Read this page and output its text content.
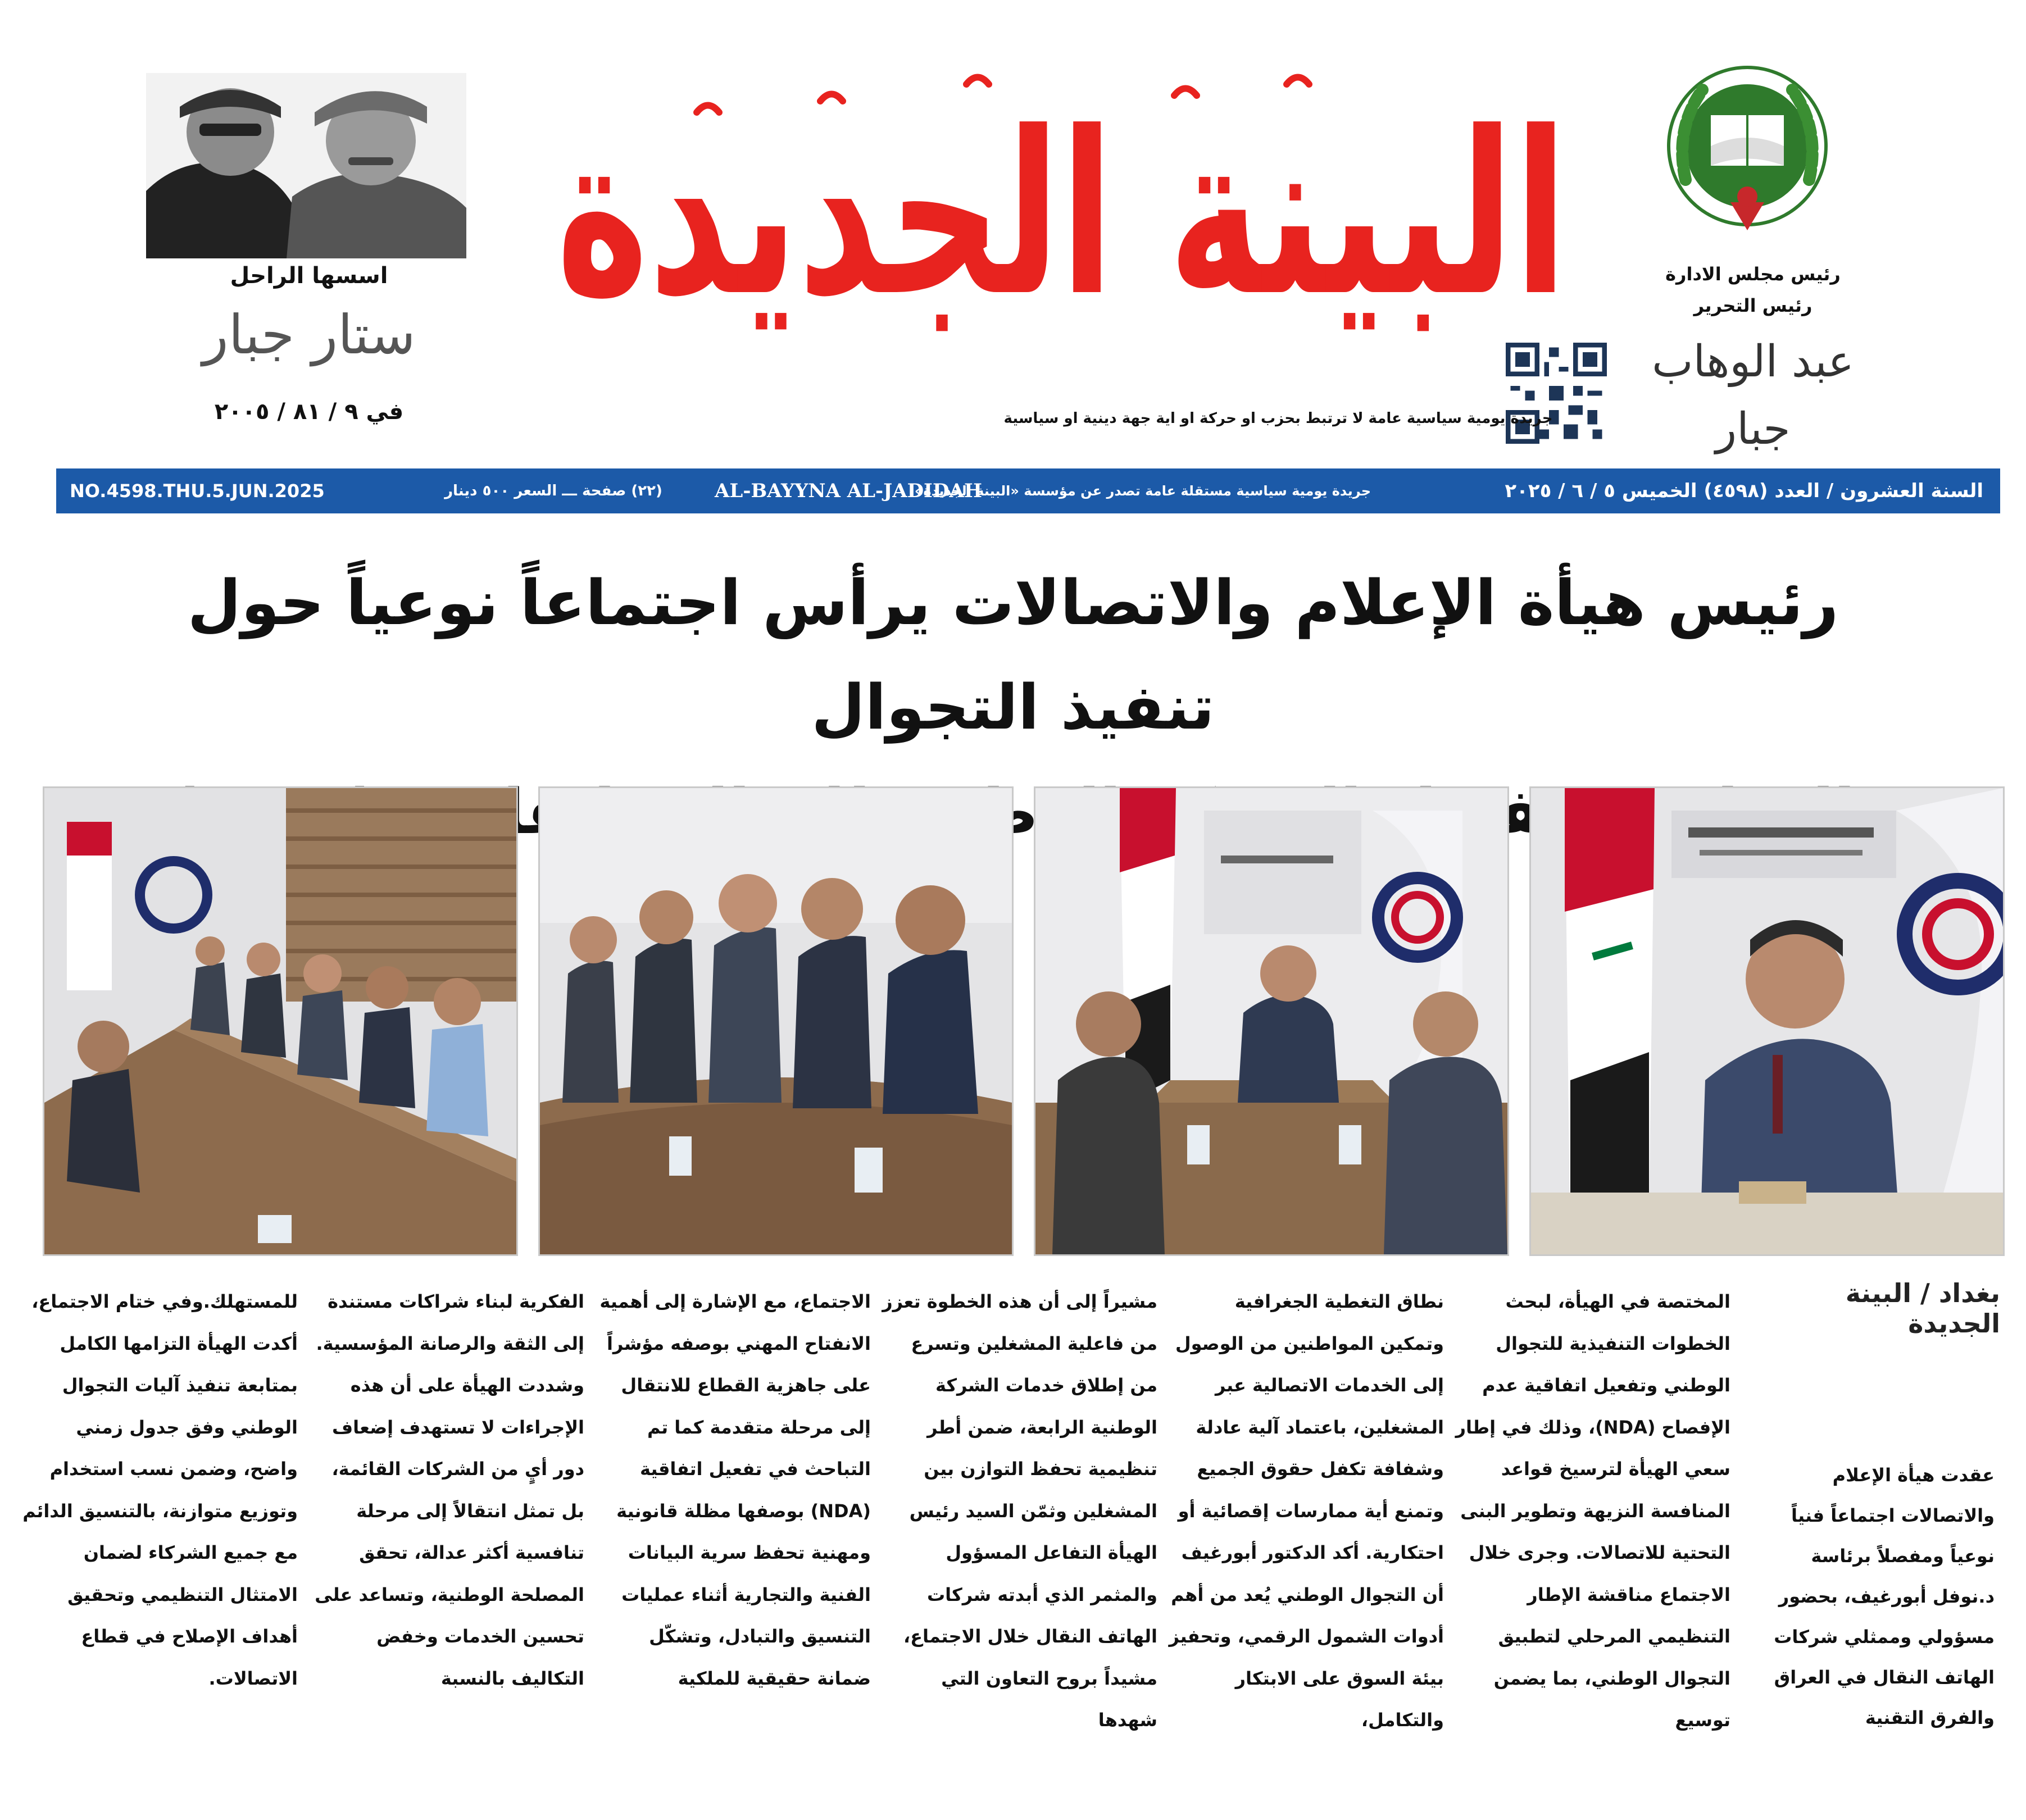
رئيس مجلس الادارة
رئيس التحرير
عبد الوهاب جبار
البينة الجديدة
جريدة يومية سياسية عامة لا ترتبط بحزب او حركة او اية جهة دينية او سياسية
اسسها الراحل
ستار جبار
في ٩ / ٨١ / ٢٠٠٥
السنة العشرون / العدد (٤٥٩٨) الخميس ٥ / ٦ / ٢٠٢٥
جريدة يومية سياسية مستقلة عامة تصدر عن مؤسسة «البينة الجديدة»
AL-BAYYNA AL-JADIDAH
(٢٢) صفحة ـــ السعر ٥٠٠ دينار
NO.4598.THU.5.JUN.2025
رئيس هيأة الإعلام والاتصالات يرأس اجتماعاً نوعياً حول تنفيذ التجوال
واتفاقية
بغداد / البينة الجديدة
عقدت هيأة الإعلام والاتصالات اجتماعاً فنياً نوعياً ومفصلاً برئاسة د.نوفل أبورغيف، بحضور مسؤولي وممثلي شركات الهاتف النقال في العراق والفرق التقنية
المختصة في الهيأة، لبحث الخطوات التنفيذية للتجوال الوطني وتفعيل اتفاقية عدم الإفصاح (NDA)، وذلك في إطار سعي الهيأة لترسيخ قواعد المنافسة النزيهة وتطوير البنى التحتية للاتصالات. وجرى خلال الاجتماع مناقشة الإطار التنظيمي المرحلي لتطبيق التجوال الوطني، بما يضمن توسيع
نطاق التغطية الجغرافية وتمكين المواطنين من الوصول إلى الخدمات الاتصالية عبر المشغلين، باعتماد آلية عادلة وشفافة تكفل حقوق الجميع وتمنع أية ممارسات إقصائية أو احتكارية. أكد الدكتور أبورغيف أن التجوال الوطني يُعد من أهم أدوات الشمول الرقمي، وتحفيز بيئة السوق على الابتكار والتكامل،
مشيراً إلى أن هذه الخطوة تعزز من فاعلية المشغلين وتسرع من إطلاق خدمات الشركة الوطنية الرابعة، ضمن أطر تنظيمية تحفظ التوازن بين المشغلين وثمّن السيد رئيس الهيأة التفاعل المسؤول والمثمر الذي أبدته شركات الهاتف النقال خلال الاجتماع، مشيداً بروح التعاون التي شهدها
الاجتماع، مع الإشارة إلى أهمية الانفتاح المهني بوصفه مؤشراً على جاهزية القطاع للانتقال إلى مرحلة متقدمة كما تم التباحث في تفعيل اتفاقية (NDA) بوصفها مظلة قانونية ومهنية تحفظ سرية البيانات الفنية والتجارية أثناء عمليات التنسيق والتبادل، وتشكّل ضمانة حقيقية للملكية
الفكرية لبناء شراكات مستندة إلى الثقة والرصانة المؤسسية. وشددت الهيأة على أن هذه الإجراءات لا تستهدف إضعاف دور أيٍ من الشركات القائمة، بل تمثل انتقالاً إلى مرحلة تنافسية أكثر عدالة، تحقق المصلحة الوطنية، وتساعد على تحسين الخدمات وخفض التكاليف بالنسبة
للمستهلك.وفي ختام الاجتماع، أكدت الهيأة التزامها الكامل بمتابعة تنفيذ آليات التجوال الوطني وفق جدول زمني واضح، وضمن نسب استخدام وتوزيع متوازنة، بالتنسيق الدائم مع جميع الشركاء لضمان الامتثال التنظيمي وتحقيق أهداف الإصلاح في قطاع الاتصالات.
